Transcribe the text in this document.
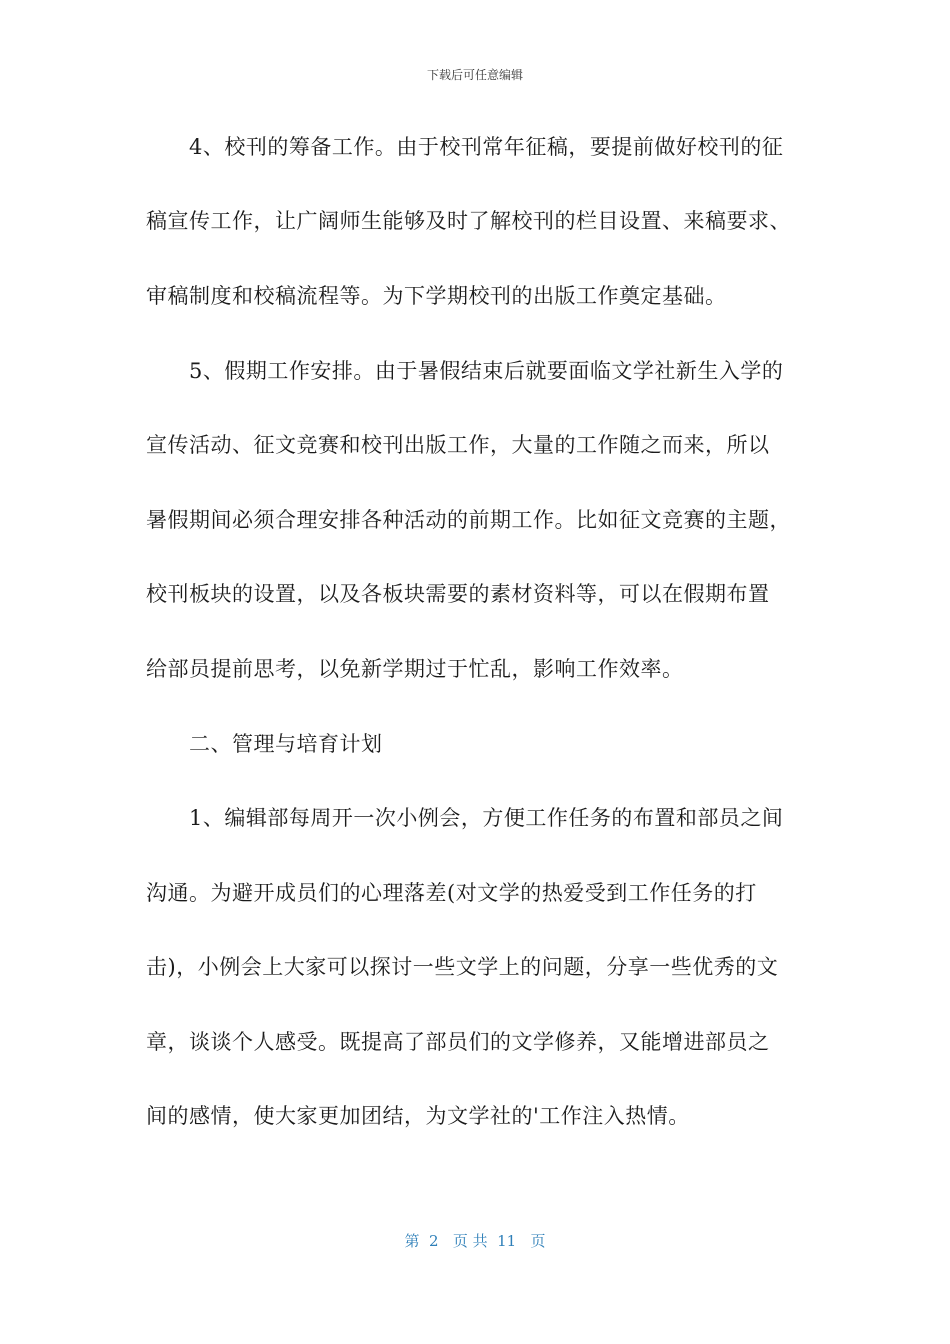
下载后可任意编辑
　　4、校刊的筹备工作。由于校刊常年征稿，要提前做好校刊的征
稿宣传工作，让广阔师生能够及时了解校刊的栏目设置、来稿要求、
审稿制度和校稿流程等。为下学期校刊的出版工作奠定基础。
　　5、假期工作安排。由于暑假结束后就要面临文学社新生入学的
宣传活动、征文竞赛和校刊出版工作，大量的工作随之而来，所以
暑假期间必须合理安排各种活动的前期工作。比如征文竞赛的主题，
校刊板块的设置，以及各板块需要的素材资料等，可以在假期布置
给部员提前思考，以免新学期过于忙乱，影响工作效率。
　　二、管理与培育计划
　　1、编辑部每周开一次小例会，方便工作任务的布置和部员之间
沟通。为避开成员们的心理落差(对文学的热爱受到工作任务的打
击)，小例会上大家可以探讨一些文学上的问题，分享一些优秀的文
章，谈谈个人感受。既提高了部员们的文学修养，又能增进部员之
间的感情，使大家更加团结，为文学社的'工作注入热情。
第  2   页 共  11   页
